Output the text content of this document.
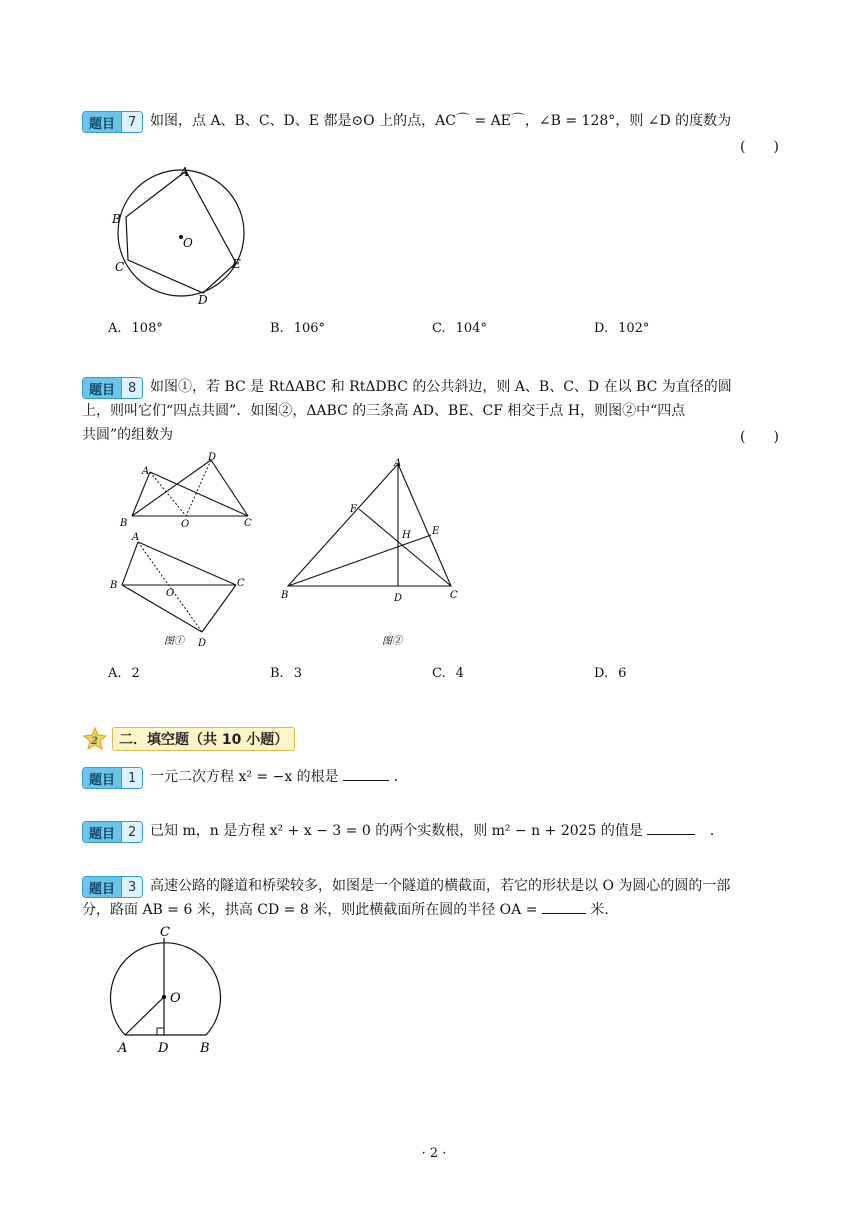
题目	7 如图，点 A、B、C、D、E 都是⊙O 上的点，AC⌒ = AE⌒，∠B = 128°，则 ∠D 的度数为
(　　)
A
B
C
D
E
O
A. 108°	B. 106°	C. 104°	D. 102°
题目	8 如图①，若 BC 是 RtΔABC 和 RtΔDBC 的公共斜边，则 A、B、C、D 在以 BC 为直径的圆
上，则叫它们“四点共圆”．如图②，ΔABC 的三条高 AD、BE、CF 相交于点 H，则图②中“四点
共圆”的组数为	(　　)
A
D
B	C
O
A
B	C
O
D
图①
A
B	C
D
F
E
H
图②
A. 2	B. 3	C. 4	D. 6
2	二．填空题（共 10 小题）
题目	1 一元二次方程 x² = −x 的根是	．
题目	2 已知 m，n 是方程 x² + x − 3 = 0 的两个实数根，则 m² − n + 2025 的值是	．
题目	3 高速公路的隧道和桥梁较多，如图是一个隧道的横截面，若它的形状是以 O 为圆心的圆的一部
分，路面 AB = 6 米，拱高 CD = 8 米，则此横截面所在圆的半径 OA =	米．
C
O
A D B
· 2 ·
